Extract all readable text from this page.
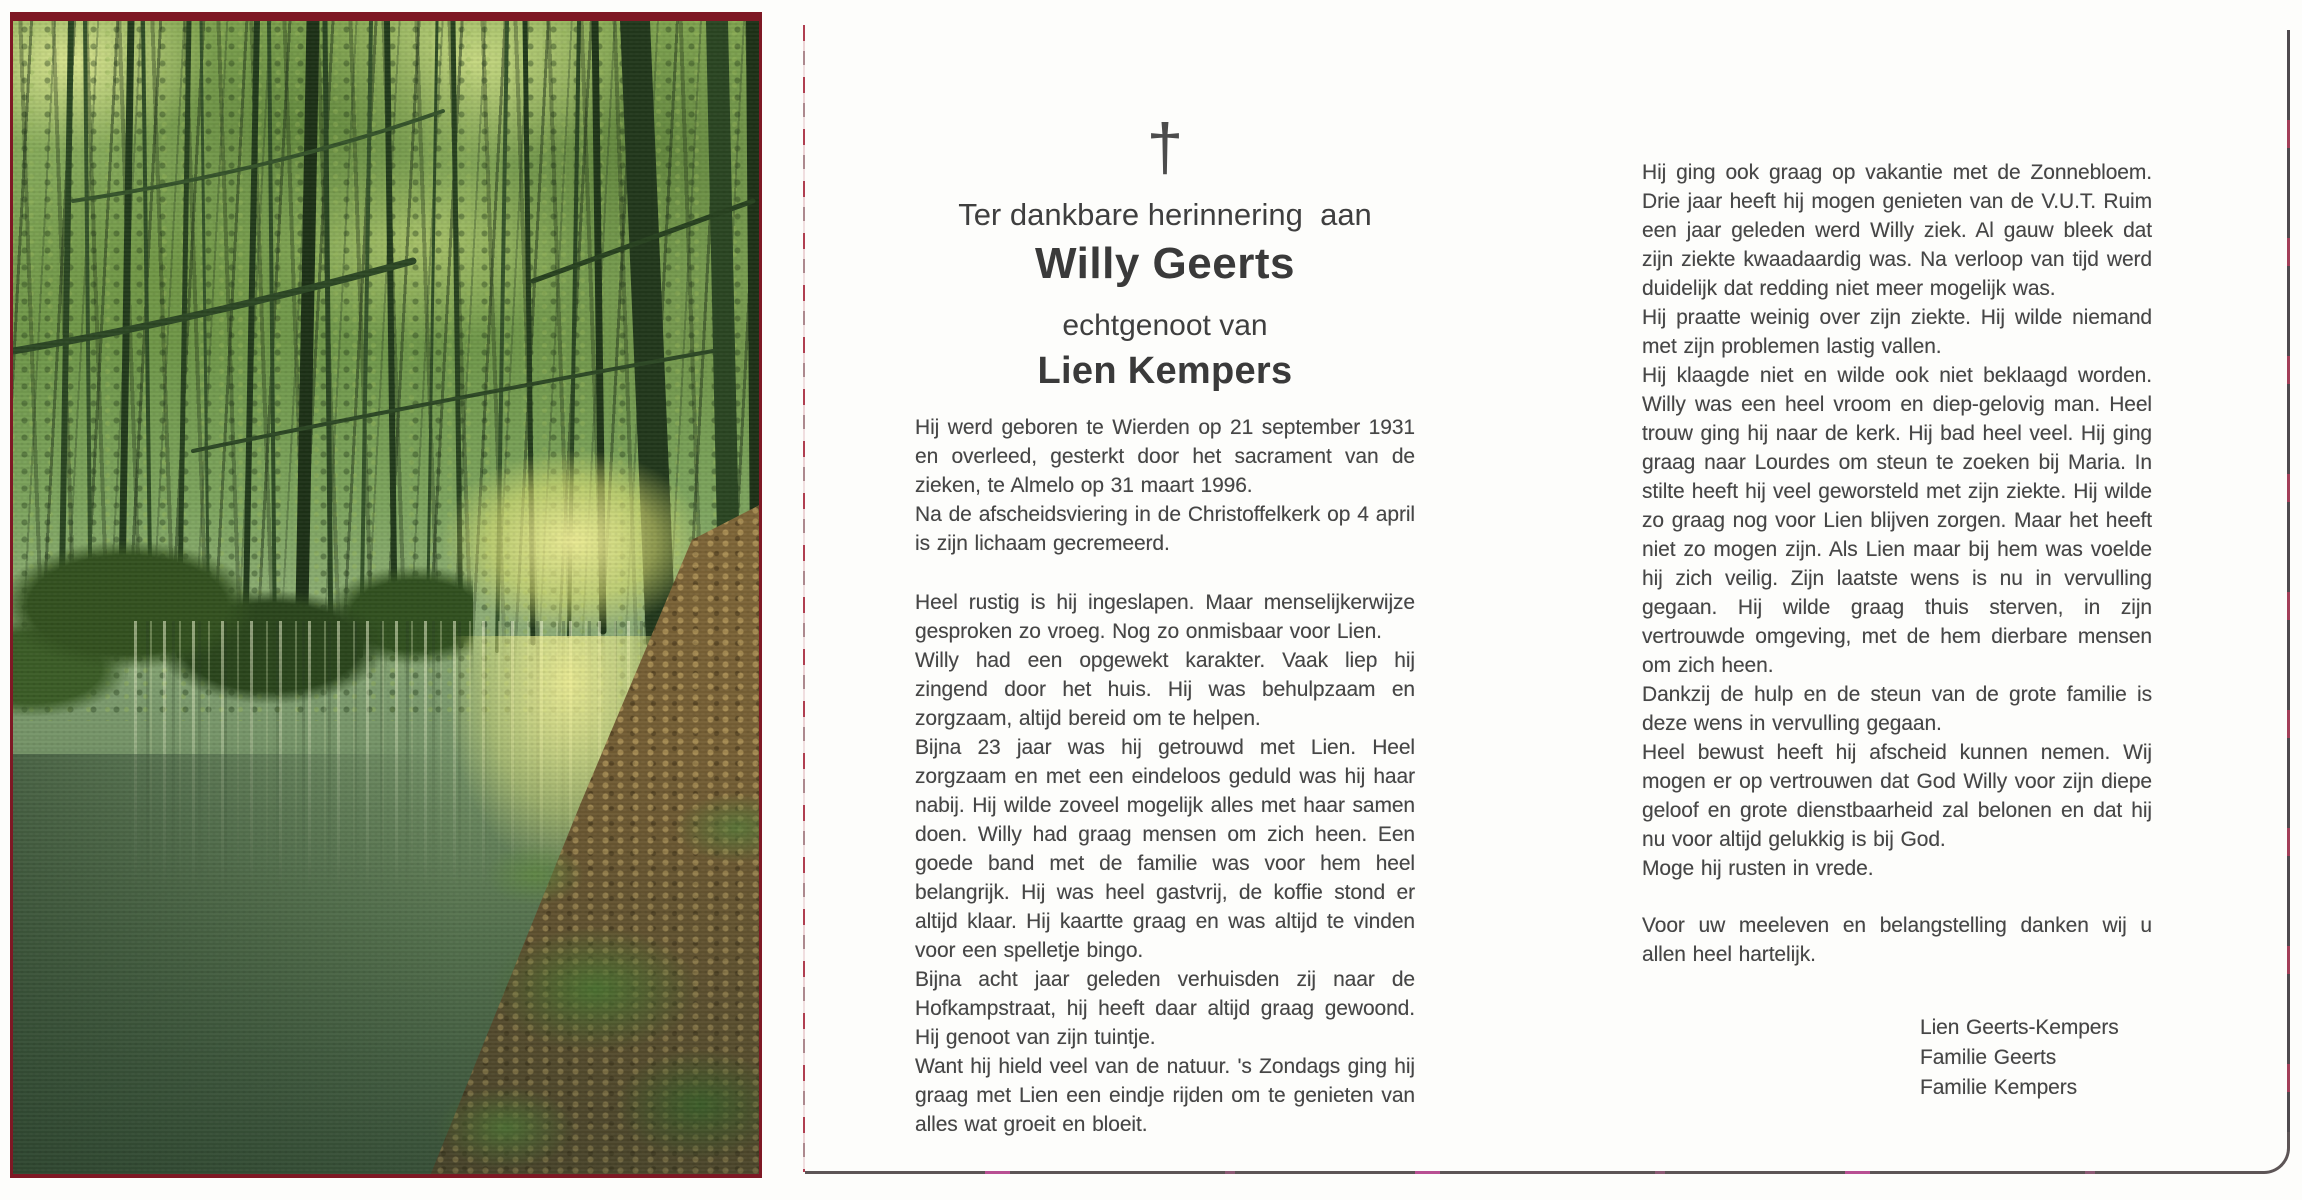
†
Ter dankbare herinnering  aan
Willy Geerts
echtgenoot van
Lien Kempers

Hij werd geboren te Wierden op 21 september 1931 en overleed, gesterkt door het sacrament van de zieken, te Almelo op 31 maart 1996.

Na de afscheidsviering in de Christoffelkerk op 4 april is zijn lichaam gecremeerd.

Heel rustig is hij ingeslapen. Maar menselijkerwijze gesproken zo vroeg. Nog zo onmisbaar voor Lien.

Willy had een opgewekt karakter. Vaak liep hij zingend door het huis. Hij was behulpzaam en zorgzaam, altijd bereid om te helpen.

Bijna 23 jaar was hij getrouwd met Lien. Heel zorgzaam en met een eindeloos geduld was hij haar nabij. Hij wilde zoveel mogelijk alles met haar samen doen. Willy had graag mensen om zich heen. Een goede band met de familie was voor hem heel belangrijk. Hij was heel gastvrij, de koffie stond er altijd klaar. Hij kaartte graag en was altijd te vinden voor een spelletje bingo.

Bijna acht jaar geleden verhuisden zij naar de Hofkampstraat, hij heeft daar altijd graag gewoond. Hij genoot van zijn tuintje.

Want hij hield veel van de natuur. 's Zondags ging hij graag met Lien een eindje rijden om te genieten van alles wat groeit en bloeit.

Hij ging ook graag op vakantie met de Zonnebloem. Drie jaar heeft hij mogen genieten van de V.U.T. Ruim een jaar geleden werd Willy ziek. Al gauw bleek dat zijn ziekte kwaadaardig was. Na verloop van tijd werd duidelijk dat redding niet meer mogelijk was.

Hij praatte weinig over zijn ziekte. Hij wilde niemand met zijn problemen lastig vallen.

Hij klaagde niet en wilde ook niet beklaagd worden. Willy was een heel vroom en diep-gelovig man. Heel trouw ging hij naar de kerk. Hij bad heel veel. Hij ging graag naar Lourdes om steun te zoeken bij Maria. In stilte heeft hij veel geworsteld met zijn ziekte. Hij wilde zo graag nog voor Lien blijven zorgen. Maar het heeft niet zo mogen zijn. Als Lien maar bij hem was voelde hij zich veilig. Zijn laatste wens is nu in vervulling gegaan. Hij wilde graag thuis sterven, in zijn vertrouwde omgeving, met de hem dierbare mensen om zich heen.

Dankzij de hulp en de steun van de grote familie is deze wens in vervulling gegaan.

Heel bewust heeft hij afscheid kunnen nemen. Wij mogen er op vertrouwen dat God Willy voor zijn diepe geloof en grote dienstbaarheid zal belonen en dat hij nu voor altijd gelukkig is bij God.

Moge hij rusten in vrede.

Voor uw meeleven en belangstelling danken wij u allen heel hartelijk.

Lien Geerts-Kempers

Familie Geerts

Familie Kempers
